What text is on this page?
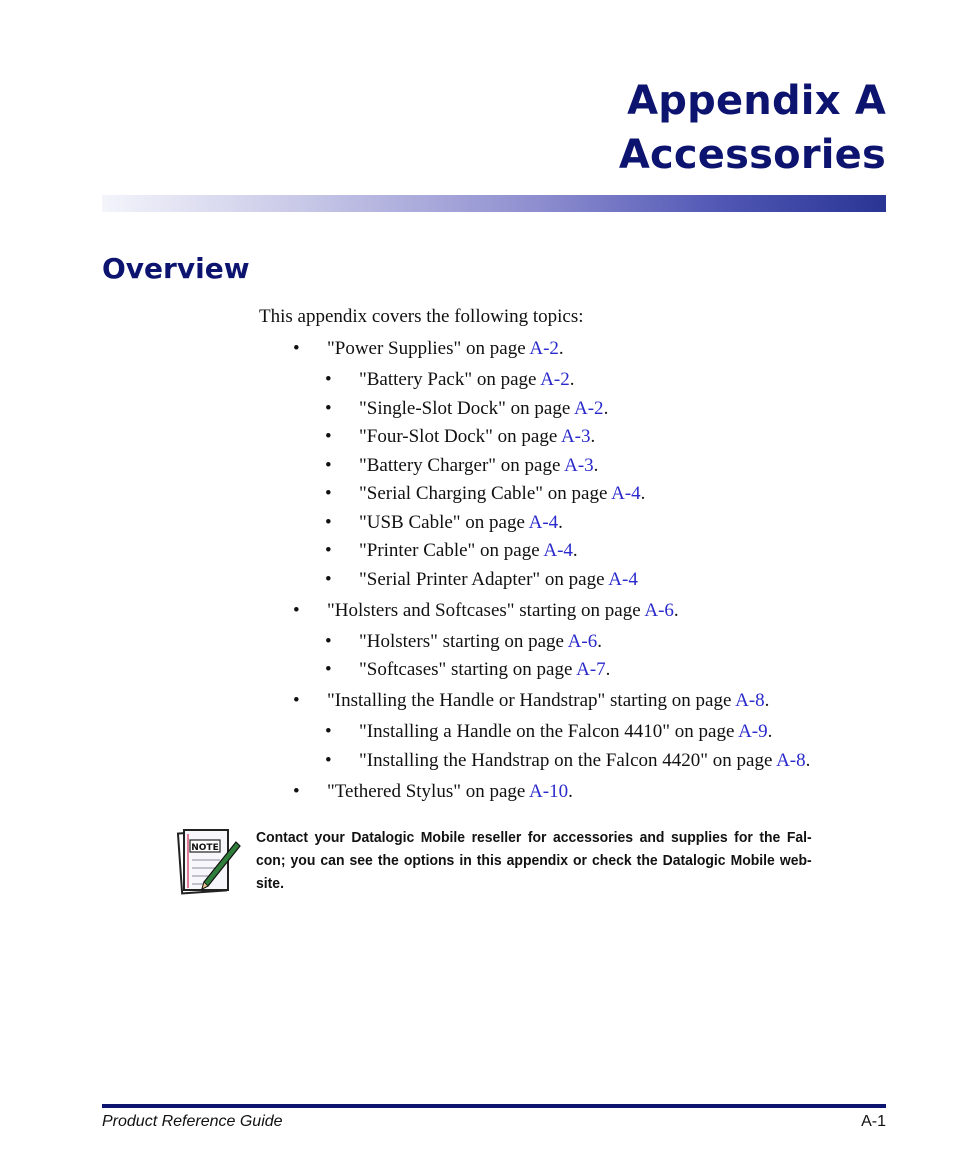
Appendix A
Accessories
Overview
This appendix covers the following topics:
• "Power Supplies" on page A-2.
• "Battery Pack" on page A-2.
• "Single-Slot Dock" on page A-2.
• "Four-Slot Dock" on page A-3.
• "Battery Charger" on page A-3.
• "Serial Charging Cable" on page A-4.
• "USB Cable" on page A-4.
• "Printer Cable" on page A-4.
• "Serial Printer Adapter" on page A-4
• "Holsters and Softcases" starting on page A-6.
• "Holsters" starting on page A-6.
• "Softcases" starting on page A-7.
• "Installing the Handle or Handstrap" starting on page A-8.
• "Installing a Handle on the Falcon 4410" on page A-9.
• "Installing the Handstrap on the Falcon 4420" on page A-8.
• "Tethered Stylus" on page A-10.
NOTE
Contact your Datalogic Mobile reseller for accessories and supplies for the Fal-con; you can see the options in this appendix or check the Datalogic Mobile web-site.
Product Reference Guide	A-1
